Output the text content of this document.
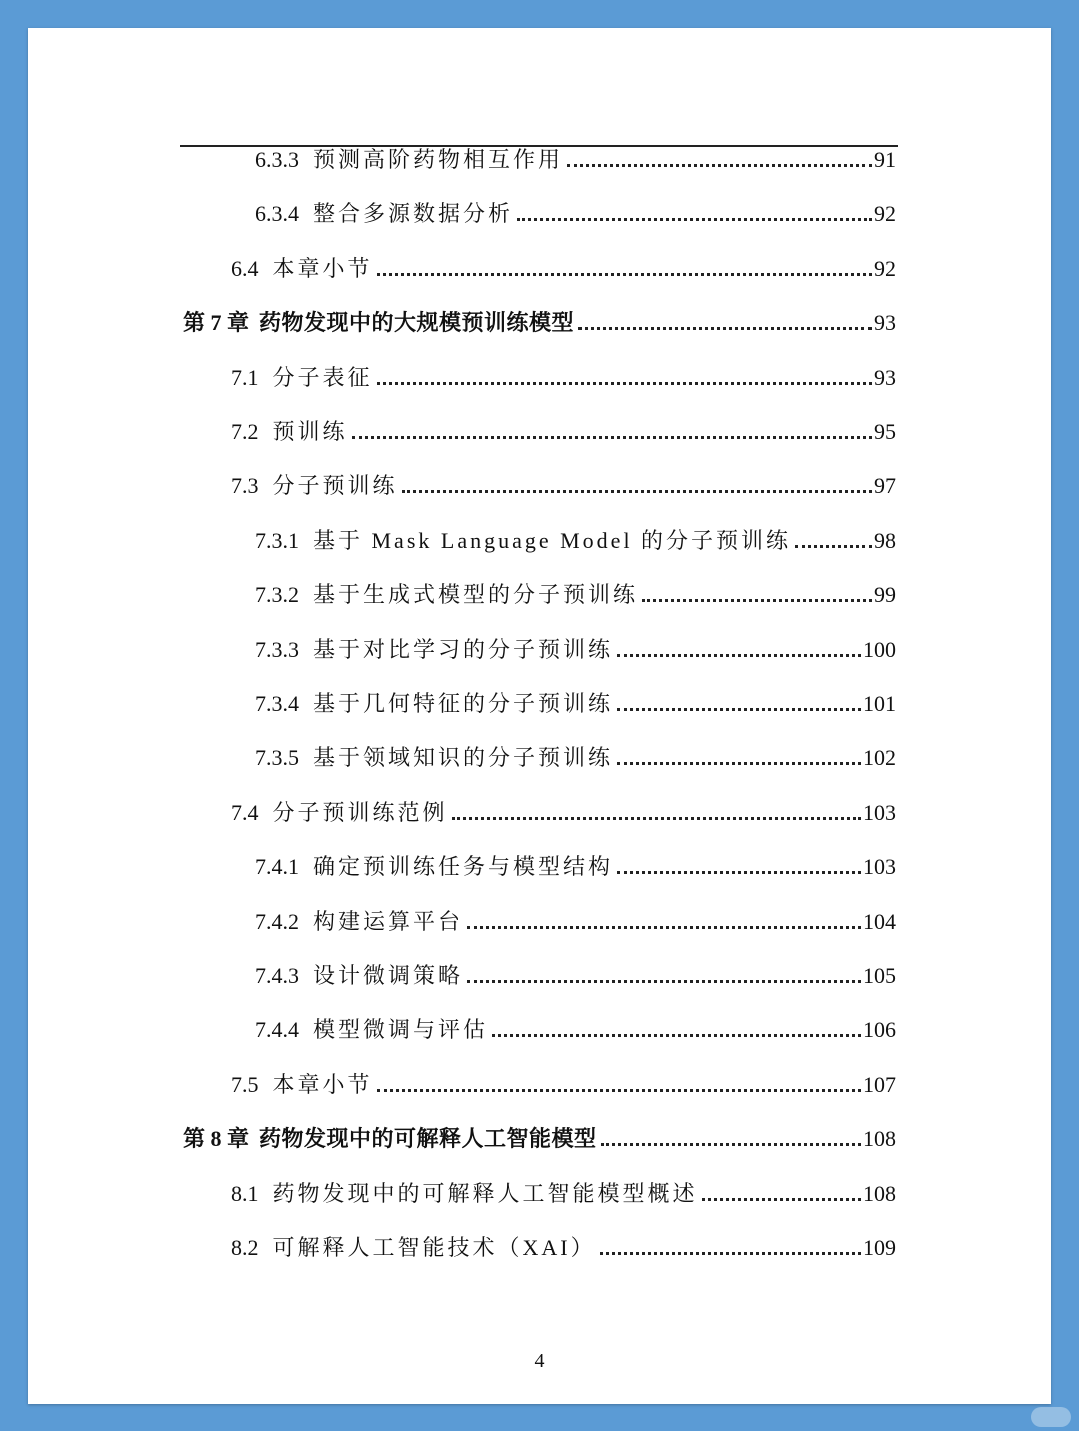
6.3.3 预测高阶药物相互作用	91
6.3.4 整合多源数据分析	92
6.4 本章小节	92
第 7 章 药物发现中的大规模预训练模型	93
7.1 分子表征	93
7.2 预训练	95
7.3 分子预训练	97
7.3.1 基于 Mask Language Model 的分子预训练	98
7.3.2 基于生成式模型的分子预训练	99
7.3.3 基于对比学习的分子预训练	100
7.3.4 基于几何特征的分子预训练	101
7.3.5 基于领域知识的分子预训练	102
7.4 分子预训练范例	103
7.4.1 确定预训练任务与模型结构	103
7.4.2 构建运算平台	104
7.4.3 设计微调策略	105
7.4.4 模型微调与评估	106
7.5 本章小节	107
第 8 章 药物发现中的可解释人工智能模型	108
8.1 药物发现中的可解释人工智能模型概述	108
8.2 可解释人工智能技术（XAI）	109
4
